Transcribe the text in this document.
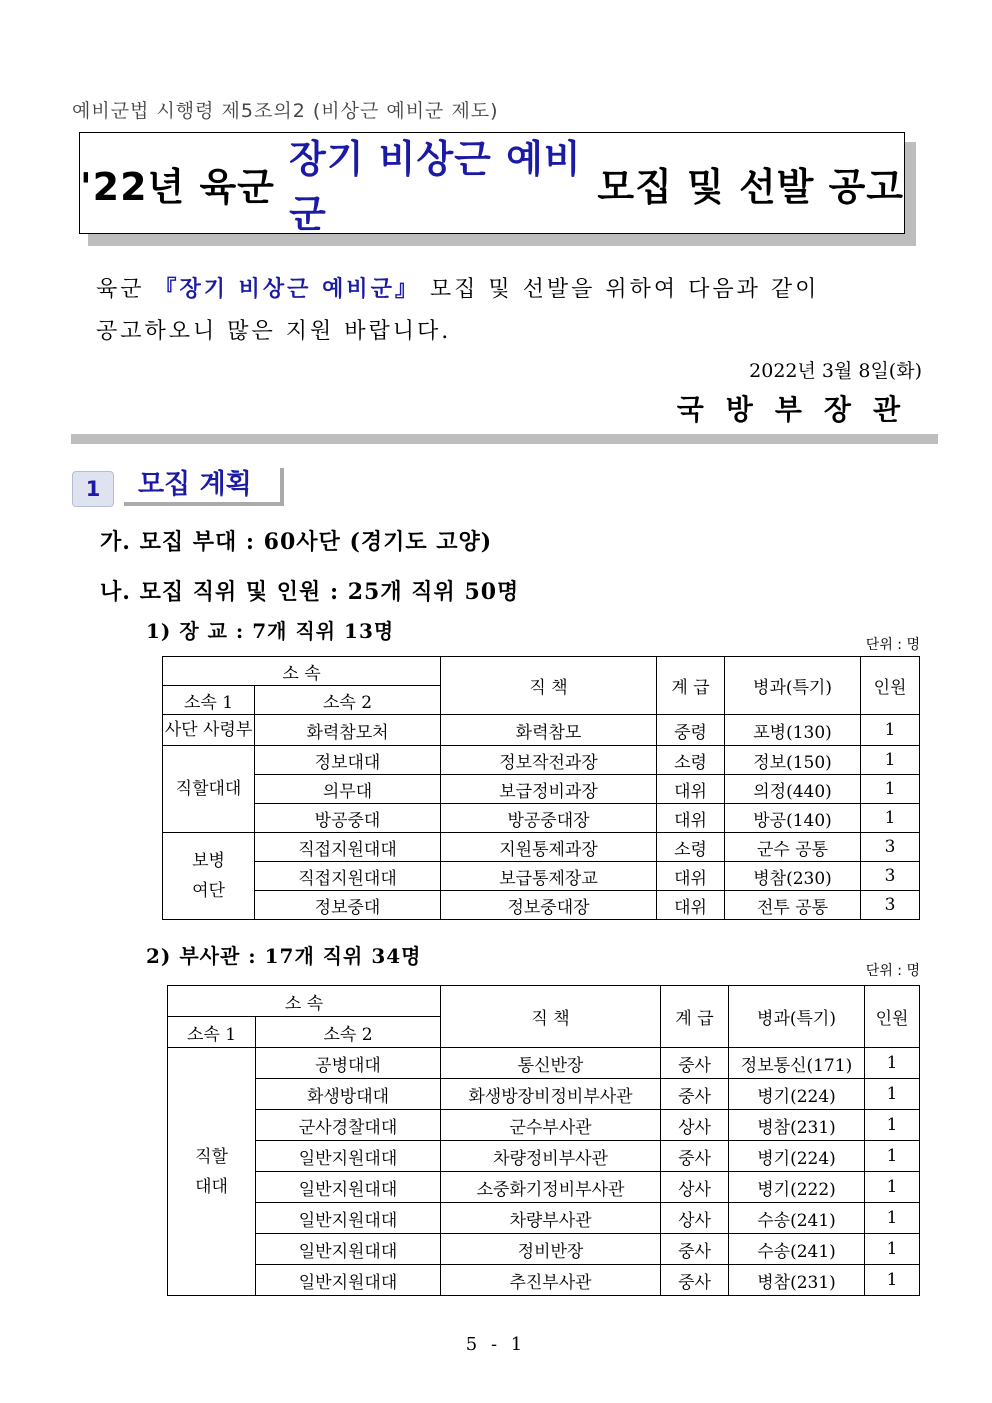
예비군법 시행령 제5조의2 (비상근 예비군 제도)
'22년 육군
장기 비상근 예비군
모집 및 선발 공고
육군 『장기 비상근 예비군』 모집 및 선발을 위하여 다음과 같이
공고하오니 많은 지원 바랍니다.
2022년 3월 8일(화)
국방부장관
1	모집 계획
가. 모집 부대 : 60사단 (경기도 고양)
나. 모집 직위 및 인원 : 25개 직위 50명
1) 장 교 : 7개 직위 13명
단위 : 명
소 속		직 책	계 급	병과(특기)	인원
소속 1	소속 2				
사단 사령부	화력참모처	화력참모	중령	포병(130)	1
직할대대	정보대대	정보작전과장	소령	정보(150)	1
	의무대	보급정비과장	대위	의정(440)	1
	방공중대	방공중대장	대위	방공(140)	1
보병
여단	직접지원대대	지원통제과장	소령	군수 공통	3
	직접지원대대	보급통제장교	대위	병참(230)	3
	정보중대	정보중대장	대위	전투 공통	3
2) 부사관 : 17개 직위 34명
단위 : 명
소 속		직 책	계 급	병과(특기)	인원
소속 1	소속 2				
직할
대대	공병대대	통신반장	중사	정보통신(171)	1
	화생방대대	화생방장비정비부사관	중사	병기(224)	1
	군사경찰대대	군수부사관	상사	병참(231)	1
	일반지원대대	차량정비부사관	중사	병기(224)	1
	일반지원대대	소중화기정비부사관	상사	병기(222)	1
	일반지원대대	차량부사관	상사	수송(241)	1
	일반지원대대	정비반장	중사	수송(241)	1
	일반지원대대	추진부사관	중사	병참(231)	1
5 - 1
